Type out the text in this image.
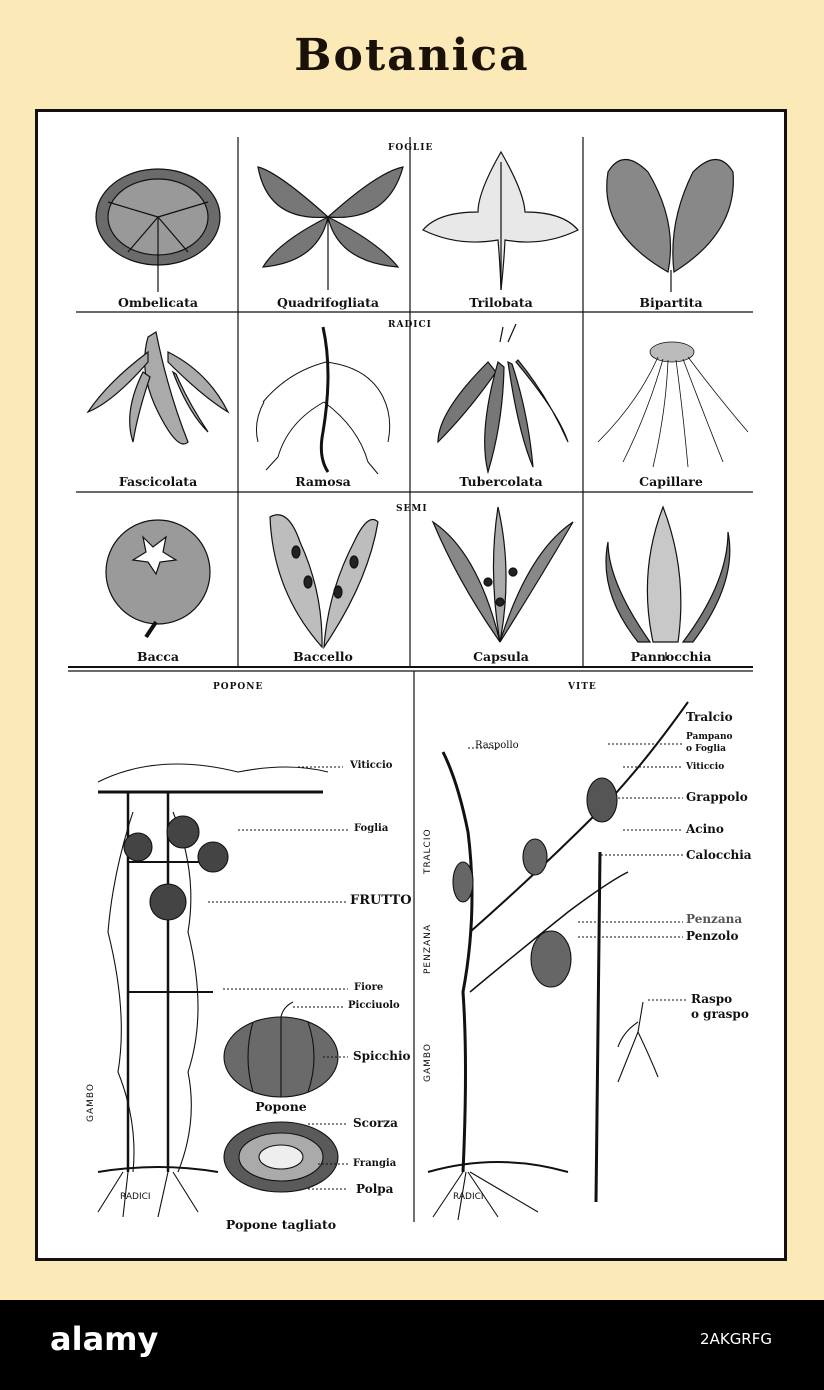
Botanica
FOGLIE
RADICI
SEMI
POPONE	VITE
Ombelicata	Quadrifogliata	Trilobata	Bipartita
Fascicolata	Ramosa	Tubercolata	Capillare
Bacca	Baccello	Capsula	Pannocchia
Viticcio
Foglia
FRUTTO
Fiore
Picciuolo
Spicchio
Scorza
Frangia
Polpa
Popone
Popone tagliato
GAMBO
RADICI
Raspollo
Tralcio
Pampano
o Foglia
Viticcio
Grappolo
Acino
Calocchia
Penzana
Penzolo
Raspo
o graspo
TRALCIO
PENZANA
GAMBO
RADICI
alamy	2AKGRFG
